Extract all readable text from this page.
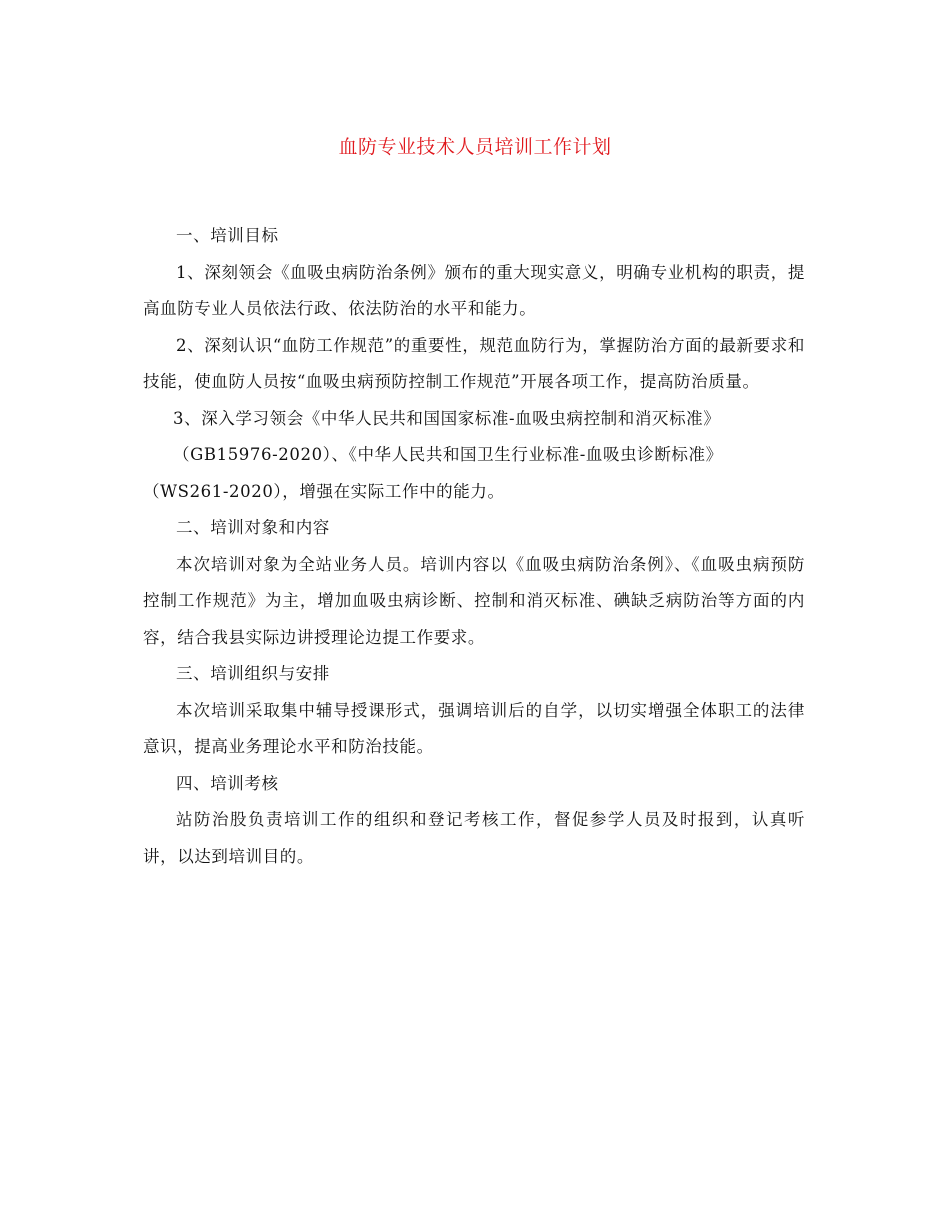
血防专业技术人员培训工作计划

一、培训目标

1、深刻领会《血吸虫病防治条例》颁布的重大现实意义，明确专业机构的职责，提高血防专业人员依法行政、依法防治的水平和能力。

2、深刻认识“血防工作规范”的重要性，规范血防行为，掌握防治方面的最新要求和技能，使血防人员按“血吸虫病预防控制工作规范”开展各项工作，提高防治质量。

3、深入学习领会《中华人民共和国国家标准-血吸虫病控制和消灭标准》

（GB15976-2020）、《中华人民共和国卫生行业标准-血吸虫诊断标准》

（WS261-2020），增强在实际工作中的能力。

二、培训对象和内容

本次培训对象为全站业务人员。培训内容以《血吸虫病防治条例》、《血吸虫病预防控制工作规范》为主，增加血吸虫病诊断、控制和消灭标准、碘缺乏病防治等方面的内容，结合我县实际边讲授理论边提工作要求。

三、培训组织与安排

本次培训采取集中辅导授课形式，强调培训后的自学，以切实增强全体职工的法律意识，提高业务理论水平和防治技能。

四、培训考核

站防治股负责培训工作的组织和登记考核工作，督促参学人员及时报到，认真听讲，以达到培训目的。
